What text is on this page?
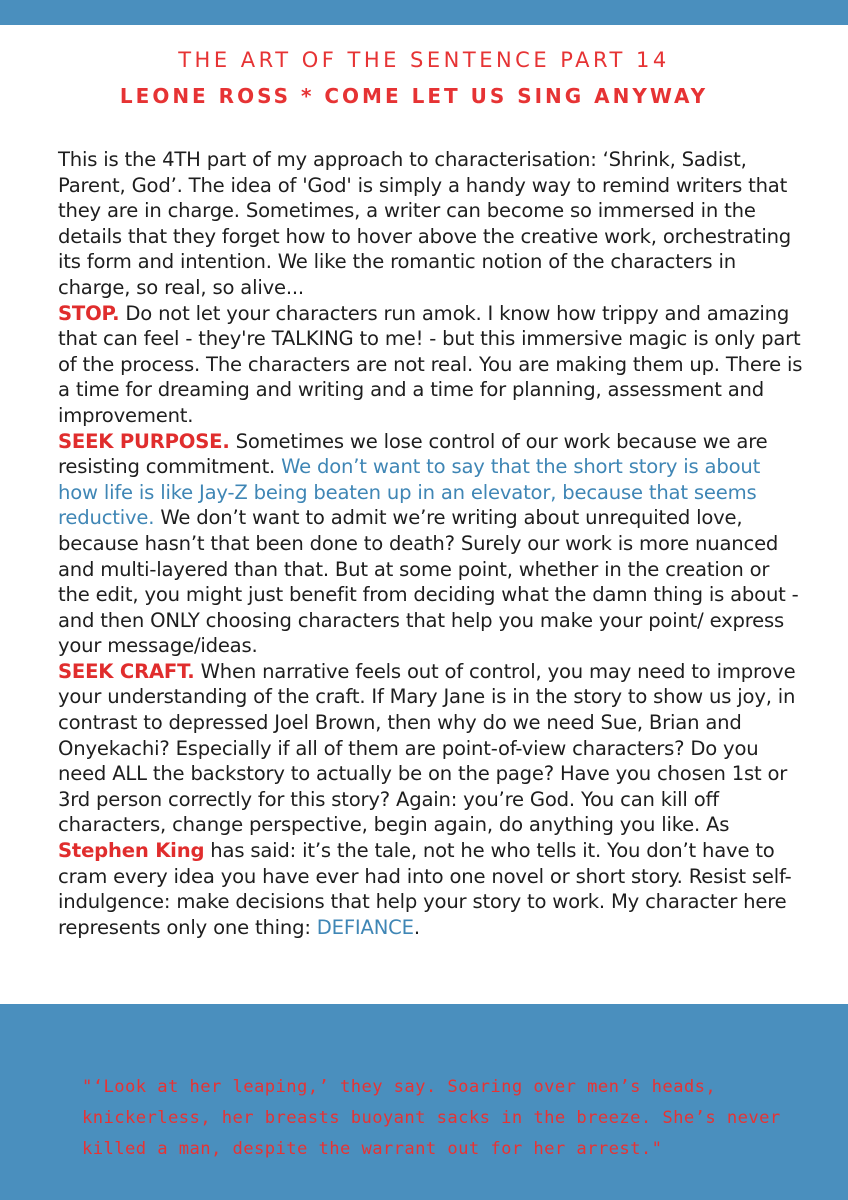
THE ART OF THE SENTENCE PART 14
LEONE ROSS * COME LET US SING ANYWAY

This is the 4TH part of my approach to characterisation: ‘Shrink, Sadist, Parent, God’. The idea of 'God' is simply a handy way to remind writers that they are in charge. Sometimes, a writer can become so immersed in the details that they forget how to hover above the creative work, orchestrating its form and intention. We like the romantic notion of the characters in charge, so real, so alive...

STOP. Do not let your characters run amok. I know how trippy and amazing that can feel - they're TALKING to me! - but this immersive magic is only part of the process. The characters are not real. You are making them up. There is a time for dreaming and writing and a time for planning, assessment and improvement.

SEEK PURPOSE. Sometimes we lose control of our work because we are resisting commitment. We don’t want to say that the short story is about how life is like Jay-Z being beaten up in an elevator, because that seems reductive. We don’t want to admit we’re writing about unrequited love, because hasn’t that been done to death? Surely our work is more nuanced and multi-layered than that. But at some point, whether in the creation or the edit, you might just benefit from deciding what the damn thing is about - and then ONLY choosing characters that help you make your point/ express your message/ideas.

SEEK CRAFT. When narrative feels out of control, you may need to improve your understanding of the craft. If Mary Jane is in the story to show us joy, in contrast to depressed Joel Brown, then why do we need Sue, Brian and Onyekachi? Especially if all of them are point-of-view characters? Do you need ALL the backstory to actually be on the page? Have you chosen 1st or 3rd person correctly for this story? Again: you’re God. You can kill off characters, change perspective, begin again, do anything you like. As Stephen King has said: it’s the tale, not he who tells it. You don’t have to cram every idea you have ever had into one novel or short story. Resist self-indulgence: make decisions that help your story to work. My character here represents only one thing: DEFIANCE.

"‘Look at her leaping,’ they say. Soaring over men’s heads, knickerless, her breasts buoyant sacks in the breeze. She’s never killed a man, despite the warrant out for her arrest."
